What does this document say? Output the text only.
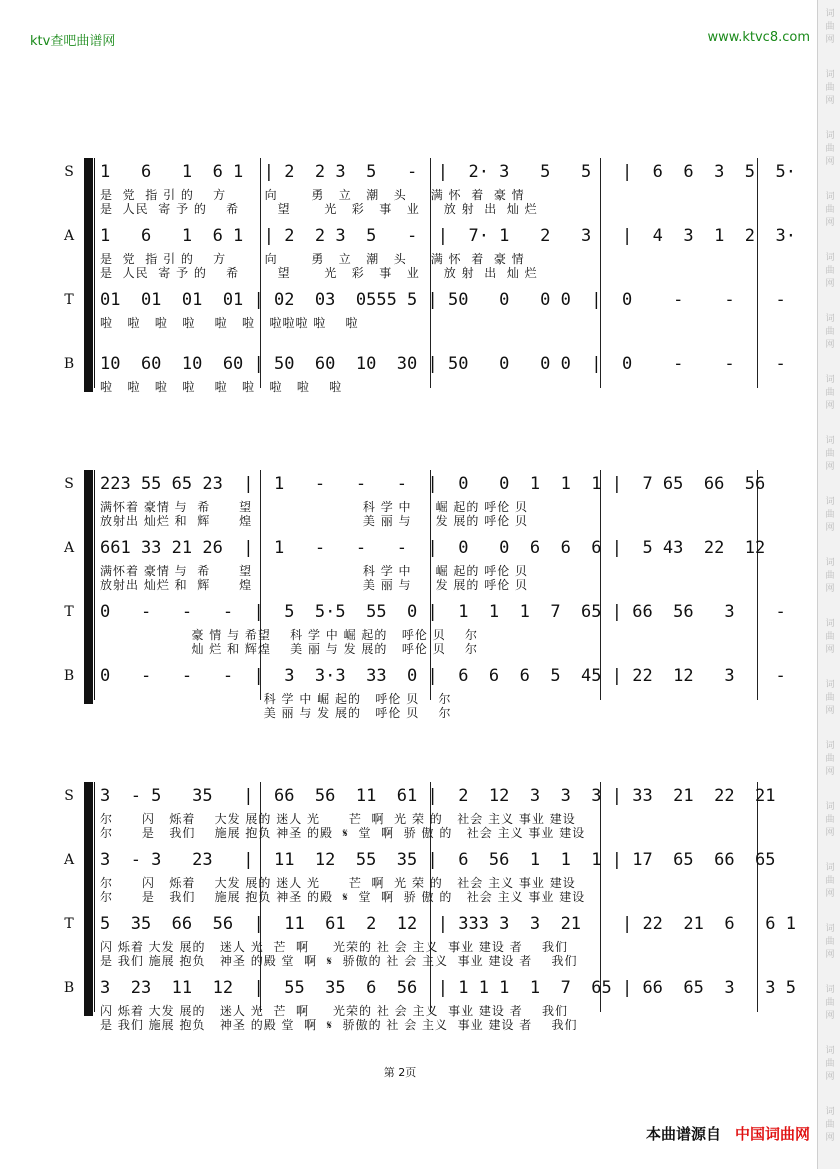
ktv查吧曲谱网	www.ktvc8.com
词曲网
词曲网
词曲网
词曲网
词曲网
词曲网
词曲网
词曲网
词曲网
词曲网
词曲网
词曲网
词曲网
词曲网
词曲网
词曲网
词曲网
词曲网
词曲网
S 1   6   1  6 1  | 2  2 3  5   -  |  2· 3   5   5   |  6  6  3  5  5·
是  党  指 引 的    方        向       勇   立   潮   头     满 怀  着  豪 情
是  人民  寄 予 的    希        望       光   彩   事   业     放 射  出  灿 烂
A 1   6   1  6 1  | 2  2 3  5   -  |  7· 1   2   3   |  4  3  1  2  3·
是  党  指 引 的    方        向       勇   立   潮   头     满 怀  着  豪 情
是  人民  寄 予 的    希        望       光   彩   事   业     放 射  出  灿 烂
T 01  01  01  01 | 02  03  0555 5 | 50   0   0 0  |  0    -    -    -
啦   啦   啦   啦    啦   啦   啦啦啦 啦    啦
B 10  60  10  60 | 50  60  10  30 | 50   0   0 0  |  0    -    -    -
啦   啦   啦   啦    啦   啦   啦   啦    啦
S 223 55 65 23  |  1   -   -   -  |  0   0  1  1  1 |  7 65  66  56
满怀着 豪情 与  希      望                       科 学 中     崛 起的 呼伦 贝
放射出 灿烂 和  辉      煌                       美 丽 与     发 展的 呼伦 贝
A 661 33 21 26  |  1   -   -   -  |  0   0  6  6  6 |  5 43  22  12
满怀着 豪情 与  希      望                       科 学 中     崛 起的 呼伦 贝
放射出 灿烂 和  辉      煌                       美 丽 与     发 展的 呼伦 贝
T 0   -   -   -  |  5  5·5  55  0 |  1  1  1  7  65 | 66  56   3    -
豪 情 与 希望    科 学 中 崛 起的   呼伦 贝    尔
灿 烂 和 辉煌    美 丽 与 发 展的   呼伦 贝    尔
B 0   -   -   -  |  3  3·3  33  0 |  6  6  6  5  45 | 22  12   3    -
科 学 中 崛 起的   呼伦 贝    尔
美 丽 与 发 展的   呼伦 贝    尔
S 3  - 5   35   |  66  56  11  61 |  2  12  3  3  3 | 33  21  22  21
尔      闪   烁着    大发 展的 迷人 光      芒  啊  光 荣 的   社会 主义 事业 建设
尔      是   我们    施展 抱负 神圣 的殿  𝄋  堂  啊  骄 傲 的   社会 主义 事业 建设
A 3  - 3   23   |  11  12  55  35 |  6  56  1  1  1 | 17  65  66  65
尔      闪   烁着    大发 展的 迷人 光      芒  啊  光 荣 的   社会 主义 事业 建设
尔      是   我们    施展 抱负 神圣 的殿  𝄋  堂  啊  骄 傲 的   社会 主义 事业 建设
T 5  35  66  56  |  11  61  2  12  | 333 3  3  21    | 22  21  6   6 1
闪 烁着 大发 展的   迷人 光  芒  啊     光荣的 社 会 主义  事业 建设 者    我们
是 我们 施展 抱负   神圣 的殿 堂  啊  𝄋  骄傲的 社 会 主义  事业 建设 者    我们
B 3  23  11  12  |  55  35  6  56  | 1 1 1  1  7  65 | 66  65  3   3 5
闪 烁着 大发 展的   迷人 光  芒  啊     光荣的 社 会 主义  事业 建设 者    我们
是 我们 施展 抱负   神圣 的殿 堂  啊  𝄋  骄傲的 社 会 主义  事业 建设 者    我们
第 2页
本曲谱源自 中国词曲网
